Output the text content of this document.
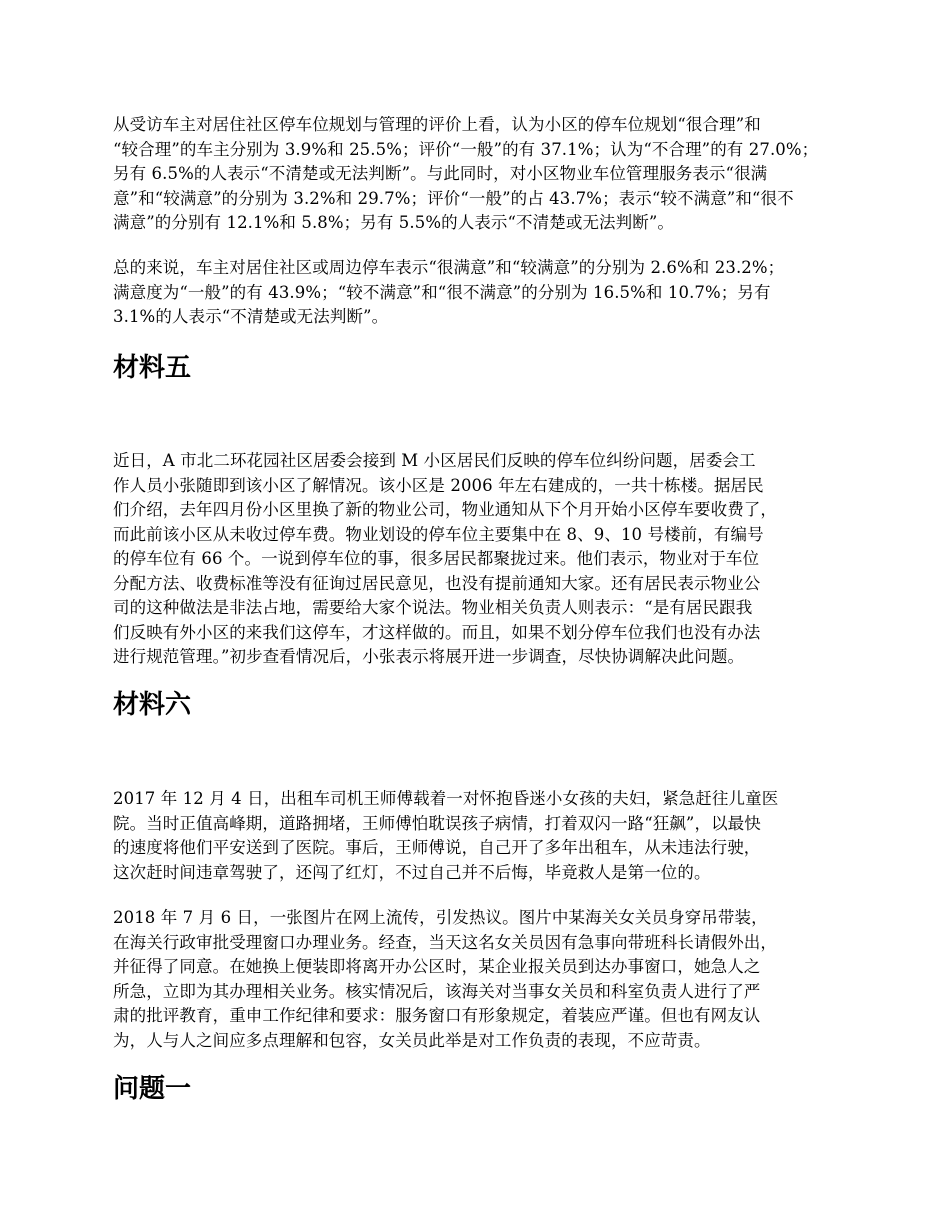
从受访车主对居住社区停车位规划与管理的评价上看，认为小区的停车位规划“很合理”和
“较合理”的车主分别为 3.9%和 25.5%；评价“一般”的有 37.1%；认为“不合理”的有 27.0%；
另有 6.5%的人表示“不清楚或无法判断”。与此同时，对小区物业车位管理服务表示“很满
意”和“较满意”的分别为 3.2%和 29.7%；评价“一般”的占 43.7%；表示“较不满意”和“很不
满意”的分别有 12.1%和 5.8%；另有 5.5%的人表示“不清楚或无法判断”。
总的来说，车主对居住社区或周边停车表示“很满意”和“较满意”的分别为 2.6%和 23.2%；
满意度为“一般”的有 43.9%；“较不满意”和“很不满意”的分别为 16.5%和 10.7%；另有
3.1%的人表示“不清楚或无法判断”。
材料五
近日，A 市北二环花园社区居委会接到 M 小区居民们反映的停车位纠纷问题，居委会工
作人员小张随即到该小区了解情况。该小区是 2006 年左右建成的，一共十栋楼。据居民
们介绍，去年四月份小区里换了新的物业公司，物业通知从下个月开始小区停车要收费了，
而此前该小区从未收过停车费。物业划设的停车位主要集中在 8、9、10 号楼前，有编号
的停车位有 66 个。一说到停车位的事，很多居民都聚拢过来。他们表示，物业对于车位
分配方法、收费标准等没有征询过居民意见，也没有提前通知大家。还有居民表示物业公
司的这种做法是非法占地，需要给大家个说法。物业相关负责人则表示：“是有居民跟我
们反映有外小区的来我们这停车，才这样做的。而且，如果不划分停车位我们也没有办法
进行规范管理。”初步查看情况后，小张表示将展开进一步调查，尽快协调解决此问题。
材料六
2017 年 12 月 4 日，出租车司机王师傅载着一对怀抱昏迷小女孩的夫妇，紧急赶往儿童医
院。当时正值高峰期，道路拥堵，王师傅怕耽误孩子病情，打着双闪一路“狂飙”，以最快
的速度将他们平安送到了医院。事后，王师傅说，自己开了多年出租车，从未违法行驶，
这次赶时间违章驾驶了，还闯了红灯，不过自己并不后悔，毕竟救人是第一位的。
2018 年 7 月 6 日，一张图片在网上流传，引发热议。图片中某海关女关员身穿吊带装，
在海关行政审批受理窗口办理业务。经查，当天这名女关员因有急事向带班科长请假外出，
并征得了同意。在她换上便装即将离开办公区时，某企业报关员到达办事窗口，她急人之
所急，立即为其办理相关业务。核实情况后，该海关对当事女关员和科室负责人进行了严
肃的批评教育，重申工作纪律和要求：服务窗口有形象规定，着装应严谨。但也有网友认
为，人与人之间应多点理解和包容，女关员此举是对工作负责的表现，不应苛责。
问题一
